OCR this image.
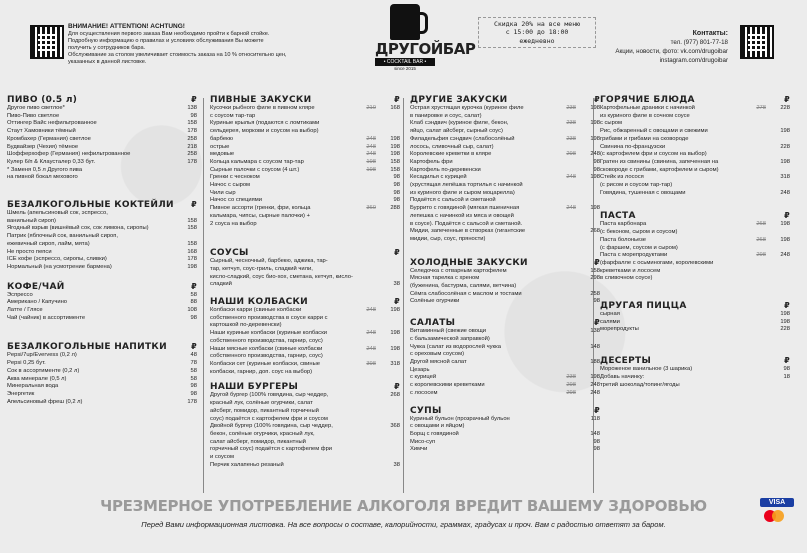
ВНИМАНИЕ! ATTENTION! ACHTUNG!
Для осуществления первого заказа Вам необходимо пройти к барной стойке.
Подробную информацию о правилах и условиях обслуживания Вы можете
получить у сотрудников бара.
Обслуживание за столом увеличивает стоимость заказа на 10 % относительно цен,
указанных в данной листовке.
ДРУГОЙБАР
• COCKTAIL BAR •
since 2015
Скидка 20% на все меню
с 15:00 до 18:00
ежедневно
Контакты:
тел. (977) 801-77-18
Акции, новости, фото: vk.com/drugoibar
instagram.com/drugoibar
ПИВО (0.5 л)	₽
Другое пиво светлое*	138
Пиво-Пиво светлое	98
Оттингер Вайс нефильтрованное	158
Стаут Хамовники тёмный	178
Кромбахер (Германия) светлое	258
Будвайзер (Чехия) тёмное	218
Шофферхофер (Германия) нефильтрованное	258
Кулер 6/п & Клаусталер 0,33 бут.	178
* Заменя 0,5 л Другого пива
на пивной бокал мехового
БЕЗАЛКОГОЛЬНЫЕ КОКТЕЙЛИ ₽
Шмель (апельсиновый сок, эспрессо,
ванильный сироп)	158
Ягодный взрыв (вишнёвый сок, сок лимона, сиропы)	158
Патрик (яблочный сок, ванильный сироп,
ежевичный сироп, лайм, мята)	158
Не просто пепси	168
ICE кофе (эспрессо, сиропы, сливки)	178
Нормальный (на усмотрение бармена)	198
КОФЕ/ЧАЙ	₽
Эспрессо	58
Американо / Капучино	88
Латте / Глясе	108
Чай (чайник) в ассортименте	98
БЕЗАЛКОГОЛЬНЫЕ НАПИТКИ	₽
Pepsi/7up/Evervess (0,2 л)	48
Pepsi 0,25 бут.	78
Сок в ассортименте (0,2 л)	58
Аква минерале (0,5 л)	58
Минеральная вода	98
Энергетик	98
Апельсиновый фреш (0,2 л)	178
ПИВНЫЕ ЗАКУСКИ	₽
Кусочки рыбного филе в пивном кляре	210	168
с соусом тар-тар
Куриные крылья (подаются с ломтиками
сельдерея, моркови и соусом на выбор)
барбекю	248	198
острые	248	198
медовые	248	198
Кольца кальмара с соусом тар-тар	198	158
Сырные палочки с соусом (4 шт.)	198	158
Гренки с чесноком	98
Начос с сыром	98
Чили сыр	98
Начос со специями	98
Пивное ассорти (гренки, фри, кольца	360	288
кальмара, чипсы, сырные палочки) +
2 соуса на выбор
СОУСЫ	₽
Сырный, чесночный, барбекю, аджика, тар-
тар, кетчуп, соус-гриль, сладкий чили,
кисло-сладкий, соус био-хох, сметана, кетчуп, кисло-
сладкий	38
НАШИ КОЛБАСКИ	₽
Колбаски карри (свиные колбаски	248	198
собственного производства в соусе карри с
картошкой по-деревенски)
Наши куриные колбаски (куриные колбаски	248	198
собственного производства, гарнир, соус)
Наши мясные колбаски (свиные колбаски	248	198
собственного производства, гарнир, соус)
Колбаски сет (куриные колбаски, свиные	398	318
колбаски, гарнир, доп. соус на выбор)
НАШИ БУРГЕРЫ	₽
Другой бургер (100% говядина, сыр чеддер,	268
красный лук, солёные огурчики, салат
айсберг, помидор, пикантный горчичный
соус) подаётся с картофелем фри и соусом
Двойной бургер (100% говядина, сыр чеддер,	368
бекон, солёные огурчики, красный лук,
салат айсберг, помидор, пикантный
горчичный соус) подаётся с картофелем фри
и соусом
Перчик халапеньо резаный	38
ДРУГИЕ ЗАКУСКИ	₽
Острая хрустящая курочка (куриное филе	238	198
в панировке и соус, салат)
Клаб сэндвич (куриное филе, бекон,	238	198
яйцо, салат айсберг, сырный соус)
Филадельфия сэндвич (слабосолёный	238	198
лосось, сливочный сыр, салат)
Королевские креветки в кляре	298	248
Картофель фри	98
Картофель по-деревенски	98
Кесадилья с курицей	248	198
(хрустящая лепёшка тортилья с начинкой
из куриного филе и сыром моцарелла)
Подаётся с сальсой и сметаной
Буррито с говядиной (мягкая пшеничная	248	198
лепешка с начинкой из мяса и овощей
в соусе). Подаётся с сальсой и сметаной.
Мидии, запеченные в створках (гигантские	268
мидии, сыр, соус, пряности)
ХОЛОДНЫЕ ЗАКУСКИ	₽
Селедочка с отварным картофелем	158
Мясная тарелка с хреном	298
(буженина, бастурма, салями, ветчина)
Сёмга слабосолёная с маслом и тостами	258
Солёные огурчики	98
САЛАТЫ	₽
Витаминный (свежие овощи	138
с бальзамической заправкой)
Чукка (салат из водорослей чукка	148
с ореховым соусом)
Другой мясной салат	188
Цезарь
с курицей	238	198
с королевскими креветками	298	248
с лососем	298	248
СУПЫ	₽
Куриный бульон (прозрачный бульон	118
с овощами и яйцом)
Борщ с говядиной	148
Мисо-суп	98
Химчи	98
ГОРЯЧИЕ БЛЮДА	₽
Картофельные драники с начинкой	278	228
из куриного филе в сочном соусе
с сыром
Рис, обжаренный с овощами и свежими	198
грибами и грибами на сковороде
Свинина по-французски	228
(с картофелем фри и соусом на выбор)
Гратен из свинины (свинина, запеченная на	198
сковороде с грибами, картофелем и сыром)
Стейк из лосося	318
(с рисом и соусом тар-тар)
Говядина, тушенная с овощами	248
ПАСТА	₽
Паста карбонара	268	198
(с беконом, сыром и соусом)
Паста болоньезе	268	198
(с фаршем, соусом и сыром)
Паста с морепродуктами	298	248
(фарфалле с осьминогами, королевскими
креветками и лососем
в сливочном соусе)
ДРУГАЯ ПИЦЦА	₽
сырная	198
салями	198
морепродукты	228
ДЕСЕРТЫ	₽
Мороженое ванильное (3 шарика)	98
Добавь начинку:	18
третий шоколад/топинг/ягоды
ЧРЕЗМЕРНОЕ УПОТРЕБЛЕНИЕ АЛКОГОЛЯ ВРЕДИТ ВАШЕМУ ЗДОРОВЬЮ
Перед Вами информационная листовка. На все вопросы о составе, калорийности, граммах, градусах и проч. Вам с радостью ответят за баром.
VISA
